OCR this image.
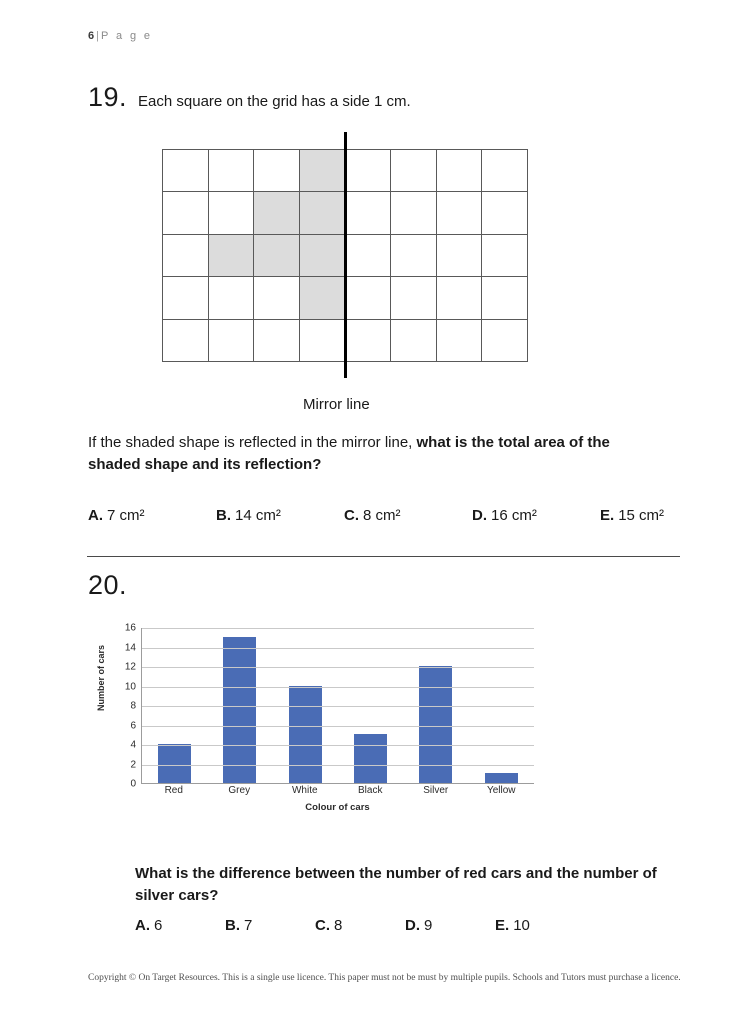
6 | P a g e
19. Each square on the grid has a side 1 cm.

Mirror line
If the shaded shape is reflected in the mirror line, what is the total area of the shaded shape and its reflection?
A. 7 cm²	B. 14 cm²	C. 8 cm²	D. 16 cm²	E. 15 cm²
20.
Number of cars
0
2
4
6
8
10
12
14
16
Red	Grey	White	Black	Silver	Yellow
Colour of cars
What is the difference between the number of red cars and the number of silver cars?
A. 6	B. 7	C. 8	D. 9	E. 10
Copyright © On Target Resources. This is a single use licence. This paper must not be must by multiple pupils. Schools and Tutors must purchase a licence.
